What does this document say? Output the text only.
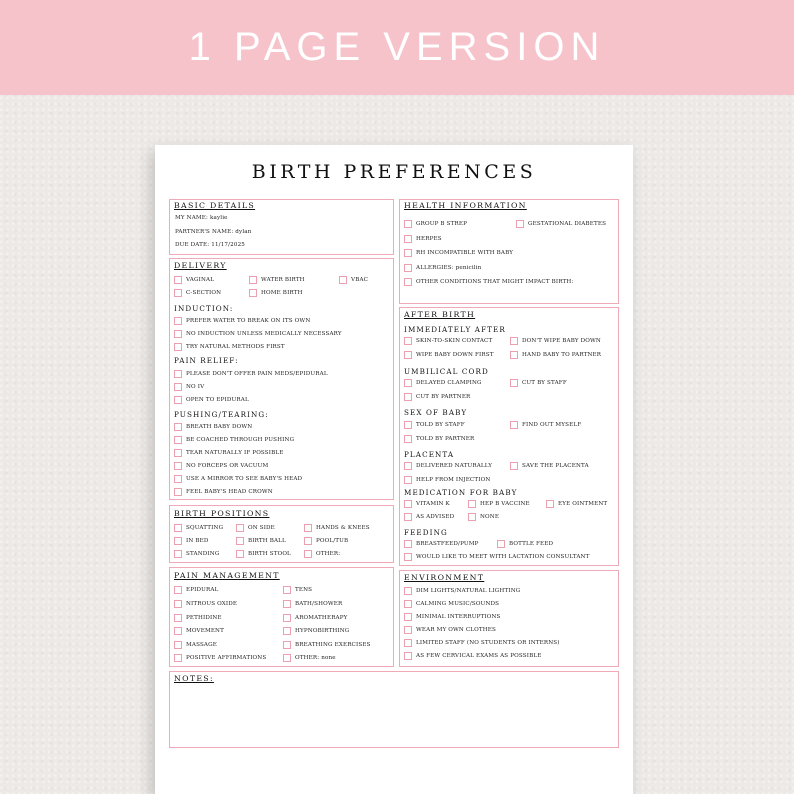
1 PAGE VERSION
BIRTH PREFERENCES
BASIC DETAILS
MY NAME: kaylie
PARTNER'S NAME: dylan
DUE DATE: 11/17/2025
DELIVERY
VAGINAL	WATER BIRTH	VBAC
C-SECTION	HOME BIRTH
INDUCTION:
PREFER WATER TO BREAK ON ITS OWN
NO INDUCTION UNLESS MEDICALLY NECESSARY
TRY NATURAL METHODS FIRST
PAIN RELIEF:
PLEASE DON'T OFFER PAIN MEDS/EPIDURAL
NO IV
OPEN TO EPIDURAL
PUSHING/TEARING:
BREATH BABY DOWN
BE COACHED THROUGH PUSHING
TEAR NATURALLY IF POSSIBLE
NO FORCEPS OR VACUUM
USE A MIRROR TO SEE BABY'S HEAD
FEEL BABY'S HEAD CROWN
BIRTH POSITIONS
SQUATTING	ON SIDE	HANDS & KNEES
IN BED	BIRTH BALL	POOL/TUB
STANDING	BIRTH STOOL	OTHER:
PAIN MANAGEMENT
EPIDURAL	TENS
NITROUS OXIDE	BATH/SHOWER
PETHIDINE	AROMATHERAPY
MOVEMENT	HYPNOBIRTHING
MASSAGE	BREATHING EXERCISES
POSITIVE AFFIRMATIONS	OTHER: none
HEALTH INFORMATION
GROUP B STREP	GESTATIONAL DIABETES
HERPES
RH INCOMPATIBLE WITH BABY
ALLERGIES: penicilin
OTHER CONDITIONS THAT MIGHT IMPACT BIRTH:
AFTER BIRTH
IMMEDIATELY AFTER
SKIN-TO-SKIN CONTACT	DON'T WIPE BABY DOWN
WIPE BABY DOWN FIRST	HAND BABY TO PARTNER
UMBILICAL CORD
DELAYED CLAMPING	CUT BY STAFF
CUT BY PARTNER
SEX OF BABY
TOLD BY STAFF	FIND OUT MYSELF
TOLD BY PARTNER
PLACENTA
DELIVERED NATURALLY	SAVE THE PLACENTA
HELP FROM INJECTION
MEDICATION FOR BABY
VITAMIN K	HEP B VACCINE	EYE OINTMENT
AS ADVISED	NONE
FEEDING
BREASTFEED/PUMP	BOTTLE FEED
WOULD LIKE TO MEET WITH LACTATION CONSULTANT
ENVIRONMENT
DIM LIGHTS/NATURAL LIGHTING
CALMING MUSIC/SOUNDS
MINIMAL INTERRUPTIONS
WEAR MY OWN CLOTHES
LIMITED STAFF (NO STUDENTS OR INTERNS)
AS FEW CERVICAL EXAMS AS POSSIBLE
NOTES:
